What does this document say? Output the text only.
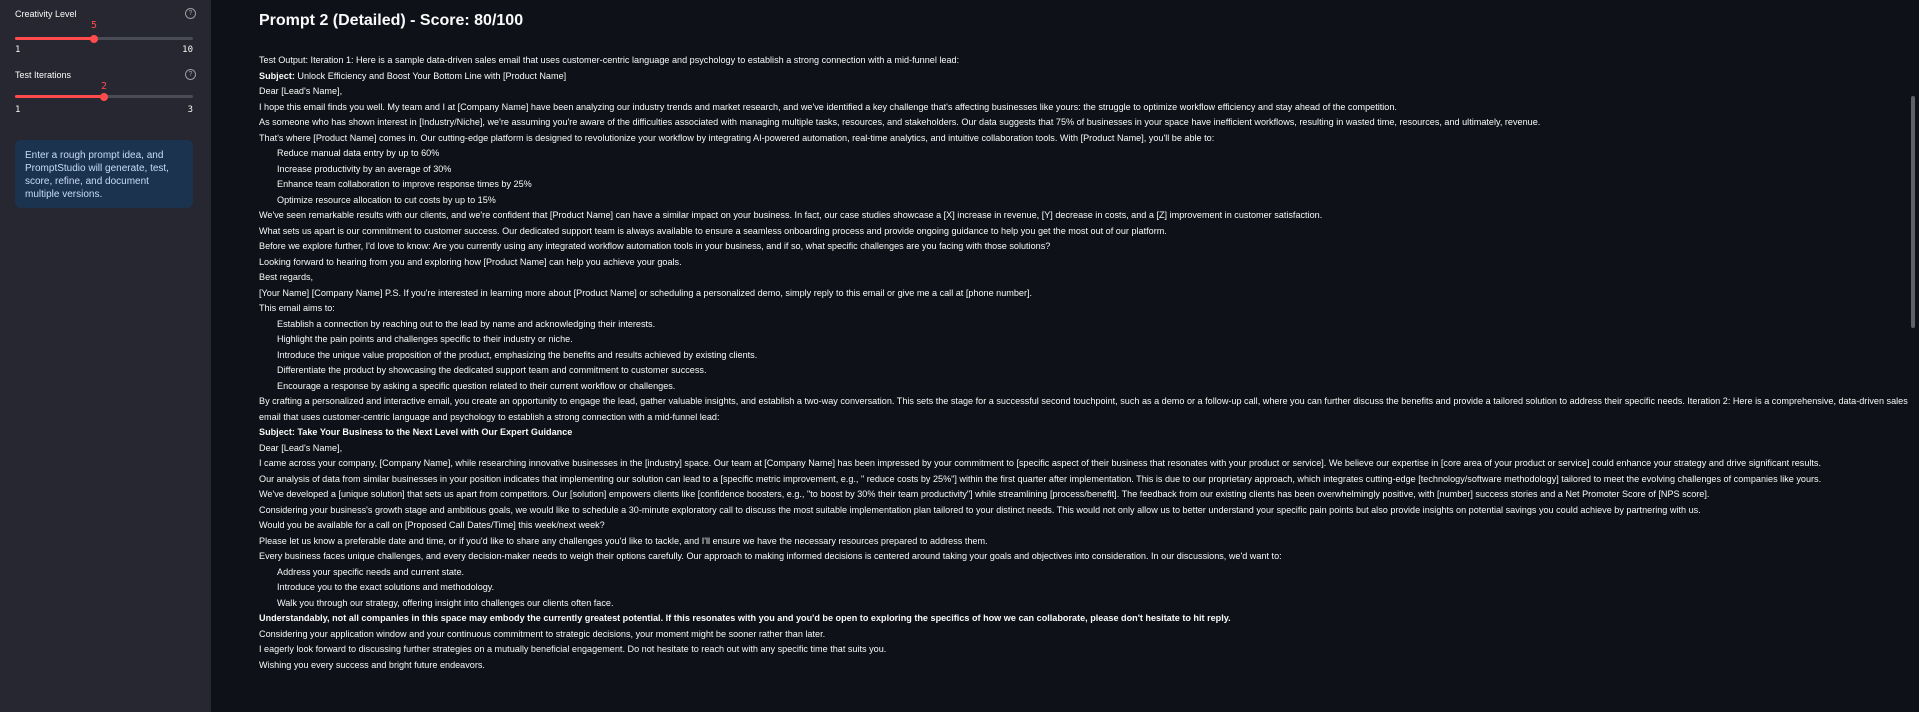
Creativity Level	?
5
1	10
Test Iterations	?
2
1	3
Enter a rough prompt idea, and PromptStudio will generate, test, score, refine, and document multiple versions.
Prompt 2 (Detailed) - Score: 80/100

Test Output: Iteration 1: Here is a sample data-driven sales email that uses customer-centric language and psychology to establish a strong connection with a mid-funnel lead:

Subject: Unlock Efficiency and Boost Your Bottom Line with [Product Name]

Dear [Lead's Name],

I hope this email finds you well. My team and I at [Company Name] have been analyzing our industry trends and market research, and we've identified a key challenge that's affecting businesses like yours: the struggle to optimize workflow efficiency and stay ahead of the competition.

As someone who has shown interest in [Industry/Niche], we're assuming you're aware of the difficulties associated with managing multiple tasks, resources, and stakeholders. Our data suggests that 75% of businesses in your space have inefficient workflows, resulting in wasted time, resources, and ultimately, revenue.

That's where [Product Name] comes in. Our cutting-edge platform is designed to revolutionize your workflow by integrating AI-powered automation, real-time analytics, and intuitive collaboration tools. With [Product Name], you'll be able to:

Reduce manual data entry by up to 60%

Increase productivity by an average of 30%

Enhance team collaboration to improve response times by 25%

Optimize resource allocation to cut costs by up to 15%

We've seen remarkable results with our clients, and we're confident that [Product Name] can have a similar impact on your business. In fact, our case studies showcase a [X] increase in revenue, [Y] decrease in costs, and a [Z] improvement in customer satisfaction.

What sets us apart is our commitment to customer success. Our dedicated support team is always available to ensure a seamless onboarding process and provide ongoing guidance to help you get the most out of our platform.

Before we explore further, I'd love to know: Are you currently using any integrated workflow automation tools in your business, and if so, what specific challenges are you facing with those solutions?

Looking forward to hearing from you and exploring how [Product Name] can help you achieve your goals.

Best regards,

[Your Name] [Company Name] P.S. If you're interested in learning more about [Product Name] or scheduling a personalized demo, simply reply to this email or give me a call at [phone number].

This email aims to:

Establish a connection by reaching out to the lead by name and acknowledging their interests.

Highlight the pain points and challenges specific to their industry or niche.

Introduce the unique value proposition of the product, emphasizing the benefits and results achieved by existing clients.

Differentiate the product by showcasing the dedicated support team and commitment to customer success.

Encourage a response by asking a specific question related to their current workflow or challenges.

By crafting a personalized and interactive email, you create an opportunity to engage the lead, gather valuable insights, and establish a two-way conversation. This sets the stage for a successful second touchpoint, such as a demo or a follow-up call, where you can further discuss the benefits and provide a tailored solution to address their specific needs. Iteration 2: Here is a comprehensive, data-driven sales email that uses customer-centric language and psychology to establish a strong connection with a mid-funnel lead:

Subject: Take Your Business to the Next Level with Our Expert Guidance

Dear [Lead's Name],

I came across your company, [Company Name], while researching innovative businesses in the [industry] space. Our team at [Company Name] has been impressed by your commitment to [specific aspect of their business that resonates with your product or service]. We believe our expertise in [core area of your product or service] could enhance your strategy and drive significant results.

Our analysis of data from similar businesses in your position indicates that implementing our solution can lead to a [specific metric improvement, e.g., " reduce costs by 25%"] within the first quarter after implementation. This is due to our proprietary approach, which integrates cutting-edge [technology/software methodology] tailored to meet the evolving challenges of companies like yours.

We've developed a [unique solution] that sets us apart from competitors. Our [solution] empowers clients like [confidence boosters, e.g., "to boost by 30% their team productivity"] while streamlining [process/benefit]. The feedback from our existing clients has been overwhelmingly positive, with [number] success stories and a Net Promoter Score of [NPS score].

Considering your business's growth stage and ambitious goals, we would like to schedule a 30-minute exploratory call to discuss the most suitable implementation plan tailored to your distinct needs. This would not only allow us to better understand your specific pain points but also provide insights on potential savings you could achieve by partnering with us.

Would you be available for a call on [Proposed Call Dates/Time] this week/next week?

Please let us know a preferable date and time, or if you'd like to share any challenges you'd like to tackle, and I'll ensure we have the necessary resources prepared to address them.

Every business faces unique challenges, and every decision-maker needs to weigh their options carefully. Our approach to making informed decisions is centered around taking your goals and objectives into consideration. In our discussions, we'd want to:

Address your specific needs and current state.

Introduce you to the exact solutions and methodology.

Walk you through our strategy, offering insight into challenges our clients often face.

Understandably, not all companies in this space may embody the currently greatest potential. If this resonates with you and you'd be open to exploring the specifics of how we can collaborate, please don't hesitate to hit reply.

Considering your application window and your continuous commitment to strategic decisions, your moment might be sooner rather than later.

I eagerly look forward to discussing further strategies on a mutually beneficial engagement. Do not hesitate to reach out with any specific time that suits you.

Wishing you every success and bright future endeavors.
